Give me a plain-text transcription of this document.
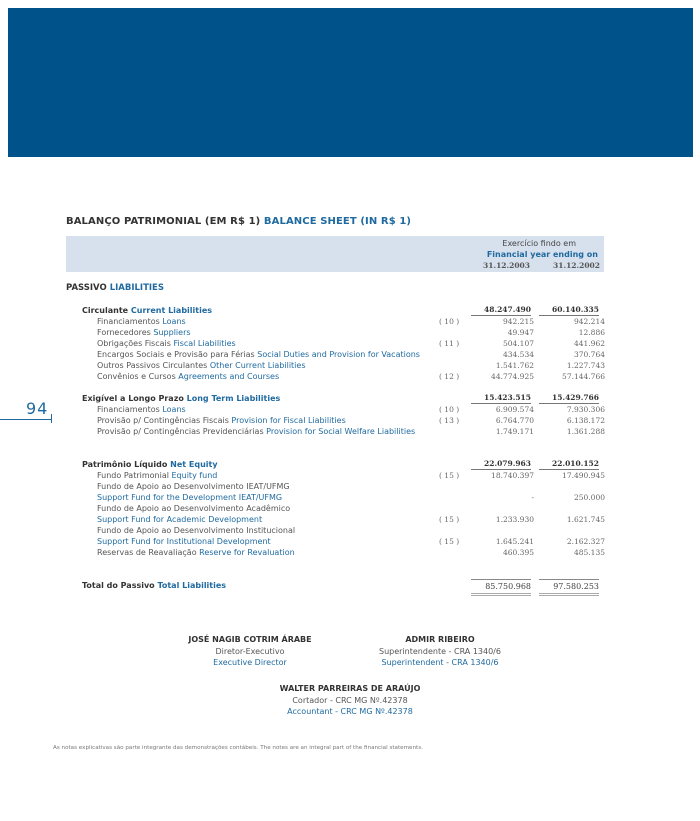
BALANÇO PATRIMONIAL (EM R$ 1) BALANCE SHEET (IN R$ 1)
Exercício findo em
Financial year ending on
31.12.2003	31.12.2002
PASSIVO LIABILITIES
Circulante Current Liabilities	48.247.490	60.140.335
Financiamentos Loans	( 10 )	942.215	942.214
Fornecedores Suppliers	49.947	12.886
Obrigações Fiscais Fiscal Liabilities	( 11 )	504.107	441.962
Encargos Sociais e Provisão para Férias Social Duties and Provision for Vacations	434.534	370.764
Outros Passivos Circulantes Other Current Liabilities	1.541.762	1.227.743
Convênios e Cursos Agreements and Courses	( 12 )	44.774.925	57.144.766
Exigível a Longo Prazo Long Term Liabilities	15.423.515	15.429.766
Financiamentos Loans	( 10 )	6.909.574	7.930.306
Provisão p/ Contingências Fiscais Provision for Fiscal Liabilities	( 13 )	6.764.770	6.138.172
Provisão p/ Contingências Previdenciárias Provision for Social Welfare Liabilities	1.749.171	1.361.288
Patrimônio Líquido Net Equity	22.079.963	22.010.152
Fundo Patrimonial Equity fund	( 15 )	18.740.397	17.490.945
Fundo de Apoio ao Desenvolvimento IEAT/UFMG
Support Fund for the Development IEAT/UFMG	-	250.000
Fundo de Apoio ao Desenvolvimento Acadêmico
Support Fund for Academic Development	( 15 )	1.233.930	1.621.745
Fundo de Apoio ao Desenvolvimento Institucional
Support Fund for Institutional Development	( 15 )	1.645.241	2.162.327
Reservas de Reavaliação Reserve for Revaluation	460.395	485.135
Total do Passivo Total Liabilities	85.750.968	97.580.253
94
JOSÉ NAGIB COTRIM ÁRABE
Diretor-Executivo
Executive Director
ADMIR RIBEIRO
Superintendente - CRA 1340/6
Superintendent - CRA 1340/6
WALTER PARREIRAS DE ARAÚJO
Cortador - CRC MG Nº.42378
Accountant - CRC MG Nº.42378
As notas explicativas são parte integrante das demonstrações contábeis. The notes are an integral part of the financial statements.
